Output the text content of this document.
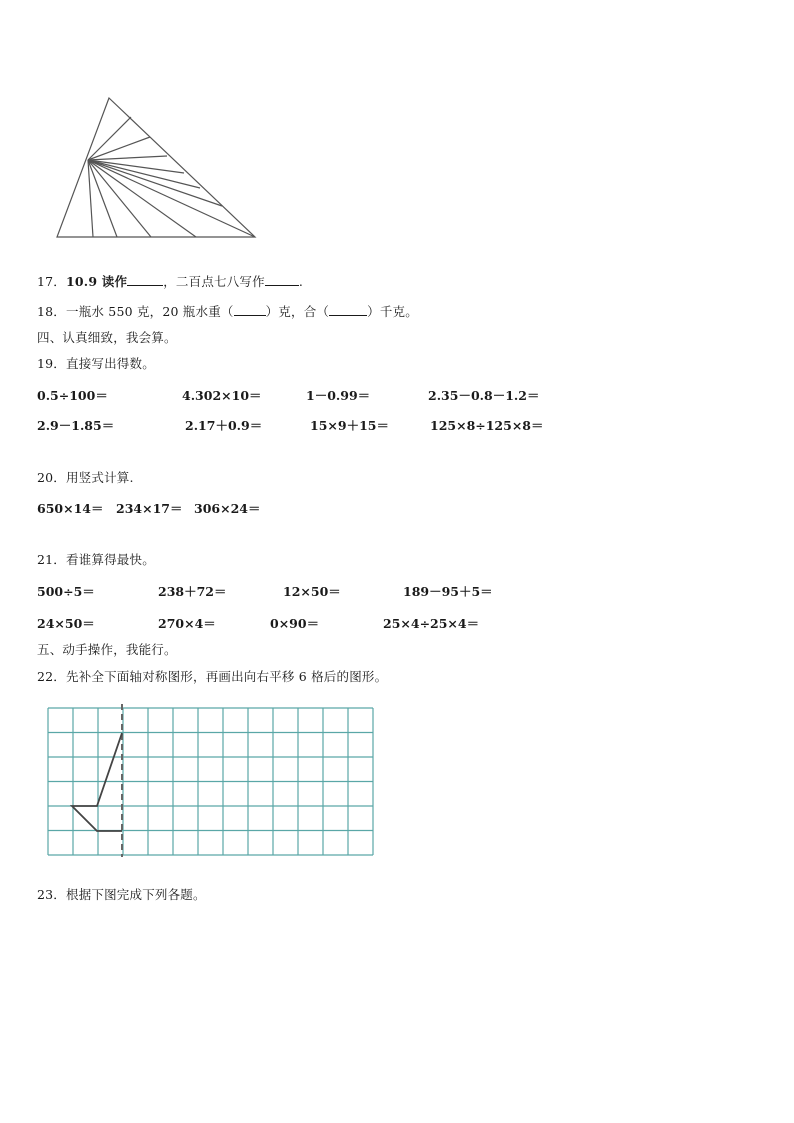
17．10.9 读作	，二百点七八写作	.
18．一瓶水 550 克，20 瓶水重（	）克，合（	）千克。
四、认真细致，我会算。
19．直接写出得数。
0.5÷100＝	4.302×10＝	1－0.99＝	2.35－0.8－1.2＝
2.9－1.85＝	2.17＋0.9＝	15×9＋15＝	125×8÷125×8＝
20．用竖式计算.
650×14＝ 234×17＝ 306×24＝
21．看谁算得最快。
500÷5＝	238＋72＝	12×50＝	189－95＋5＝
24×50＝	270×4＝	0×90＝	25×4÷25×4＝
五、动手操作，我能行。
22．先补全下面轴对称图形，再画出向右平移 6 格后的图形。
23．根据下图完成下列各题。
